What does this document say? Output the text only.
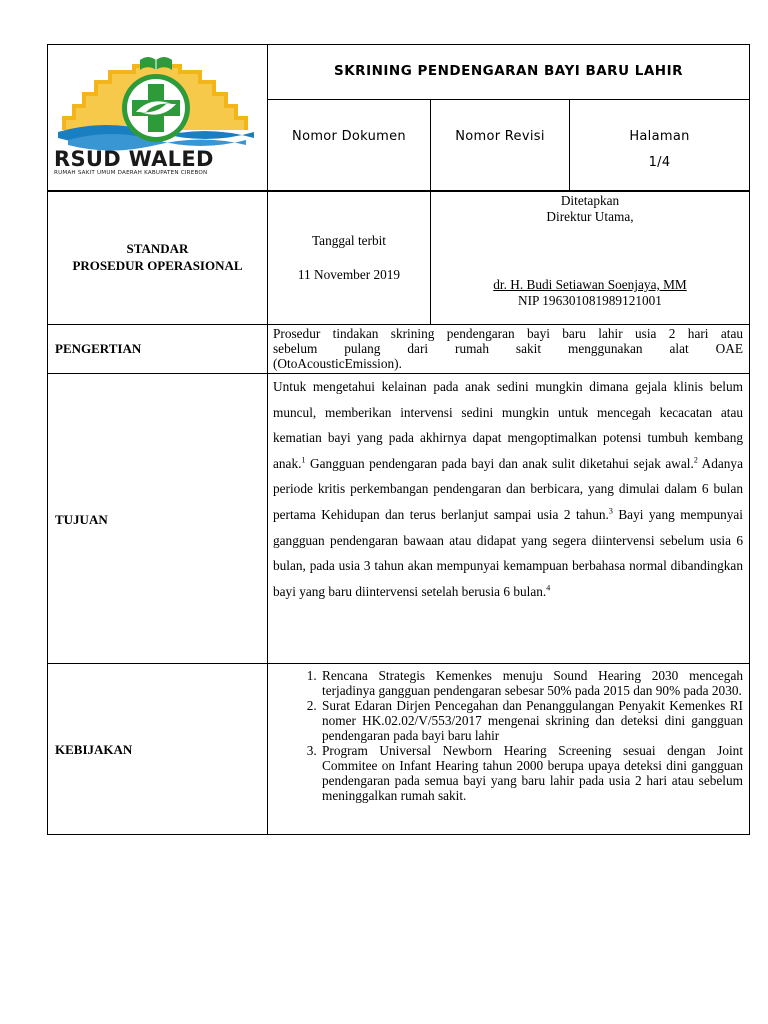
RSUD WALED
RUMAH SAKIT UMUM DAERAH KABUPATEN CIREBON
SKRINING PENDENGARAN BAYI BARU LAHIR
Nomor Dokumen	Nomor Revisi	Halaman
1/4
STANDAR
PROSEDUR OPERASIONAL
Tanggal terbit
11 November 2019
Ditetapkan
Direktur Utama,
dr. H. Budi Setiawan Soenjaya, MM
NIP 196301081989121001
PENGERTIAN
Prosedur tindakan skrining pendengaran bayi baru lahir usia 2 hari atau
sebelum pulang dari rumah sakit menggunakan alat OAE
(OtoAcousticEmission).
TUJUAN
Untuk mengetahui kelainan pada anak sedini mungkin dimana gejala klinis belum muncul, memberikan intervensi sedini mungkin untuk mencegah kecacatan atau kematian bayi yang pada akhirnya dapat mengoptimalkan potensi tumbuh kembang anak.$^1$ Gangguan pendengaran pada bayi dan anak sulit diketahui sejak awal.$^2$ Adanya periode kritis perkembangan pendengaran dan berbicara, yang dimulai dalam 6 bulan pertama Kehidupan dan terus berlanjut sampai usia 2 tahun.$^3$ Bayi yang mempunyai gangguan pendengaran bawaan atau didapat yang segera diintervensi sebelum usia 6 bulan, pada usia 3 tahun akan mempunyai kemampuan berbahasa normal dibandingkan bayi yang baru diintervensi setelah berusia 6 bulan.$^4$
KEBIJAKAN
1. Rencana Strategis Kemenkes menuju Sound Hearing 2030 mencegah terjadinya gangguan pendengaran sebesar 50% pada 2015 dan 90% pada 2030.
2. Surat Edaran Dirjen Pencegahan dan Penanggulangan Penyakit Kemenkes RI nomer HK.02.02/V/553/2017 mengenai skrining dan deteksi dini gangguan pendengaran pada bayi baru lahir
3. Program Universal Newborn Hearing Screening sesuai dengan Joint Commitee on Infant Hearing tahun 2000 berupa upaya deteksi dini gangguan pendengaran pada semua bayi yang baru lahir pada usia 2 hari atau sebelum meninggalkan rumah sakit.
